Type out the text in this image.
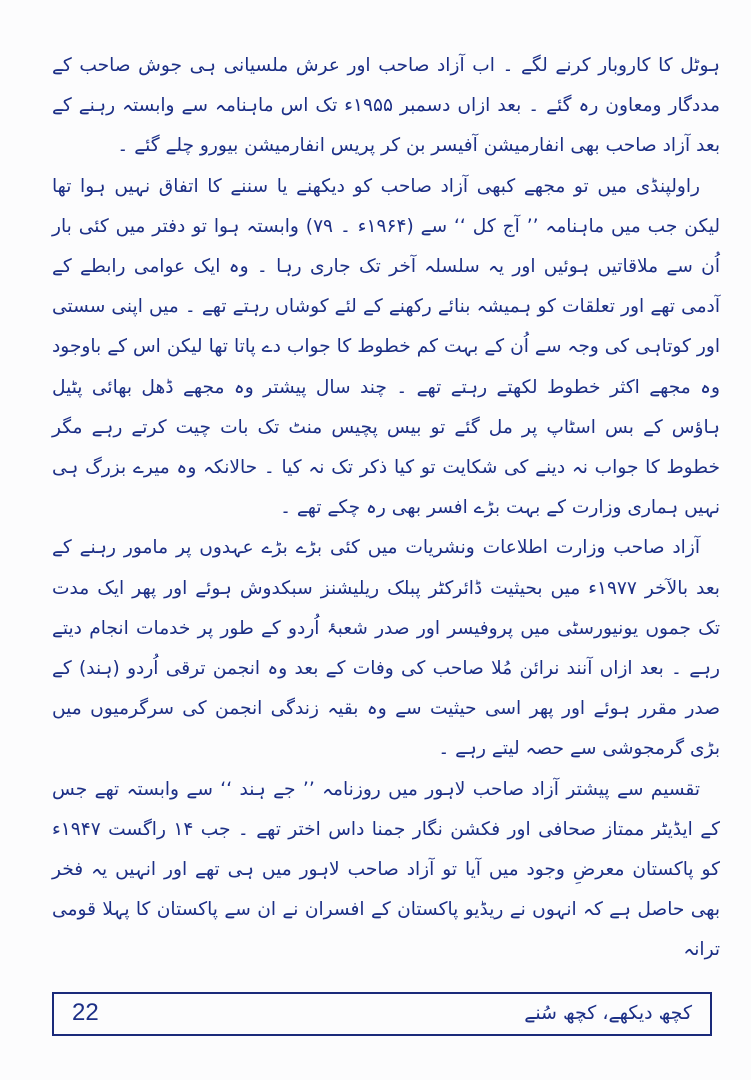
ہوٹل کا کاروبار کرنے لگے ۔ اب آزاد صاحب اور عرش ملسیانی ہی جوش صاحب کے مددگار ومعاون رہ گئے ۔ بعد ازاں دسمبر ۱۹۵۵ء تک اس ماہنامہ سے وابستہ رہنے کے بعد آزاد صاحب بھی انفارمیشن آفیسر بن کر پریس انفارمیشن بیورو چلے گئے ۔

راولپنڈی میں تو مجھے کبھی آزاد صاحب کو دیکھنے یا سننے کا اتفاق نہیں ہوا تھا لیکن جب میں ماہنامہ ’’ آج کل ‘‘ سے (۱۹۶۴ء ۔ ۷۹) وابستہ ہوا تو دفتر میں کئی بار اُن سے ملاقاتیں ہوئیں اور یہ سلسلہ آخر تک جاری رہا ۔ وہ ایک عوامی رابطے کے آدمی تھے اور تعلقات کو ہمیشہ بنائے رکھنے کے لئے کوشاں رہتے تھے ۔ میں اپنی سستی اور کوتاہی کی وجہ سے اُن کے بہت کم خطوط کا جواب دے پاتا تھا لیکن اس کے باوجود وہ مجھے اکثر خطوط لکھتے رہتے تھے ۔ چند سال پیشتر وہ مجھے ڈھل بھائی پٹیل ہاؤس کے بس اسٹاپ پر مل گئے تو بیس پچیس منٹ تک بات چیت کرتے رہے مگر خطوط کا جواب نہ دینے کی شکایت تو کیا ذکر تک نہ کیا ۔ حالانکہ وہ میرے بزرگ ہی نہیں ہماری وزارت کے بہت بڑے افسر بھی رہ چکے تھے ۔

آزاد صاحب وزارت اطلاعات ونشریات میں کئی بڑے بڑے عہدوں پر مامور رہنے کے بعد بالآخر ۱۹۷۷ء میں بحیثیت ڈائرکٹر پبلک ریلیشنز سبکدوش ہوئے اور پھر ایک مدت تک جموں یونیورسٹی میں پروفیسر اور صدر شعبۂ اُردو کے طور پر خدمات انجام دیتے رہے ۔ بعد ازاں آنند نرائن مُلا صاحب کی وفات کے بعد وہ انجمن ترقی اُردو (ہند) کے صدر مقرر ہوئے اور پھر اسی حیثیت سے وہ بقیہ زندگی انجمن کی سرگرمیوں میں بڑی گرمجوشی سے حصہ لیتے رہے ۔

تقسیم سے پیشتر آزاد صاحب لاہور میں روزنامہ ’’ جے ہند ‘‘ سے وابستہ تھے جس کے ایڈیٹر ممتاز صحافی اور فکشن نگار جمنا داس اختر تھے ۔ جب ۱۴ راگست ۱۹۴۷ء کو پاکستان معرضِ وجود میں آیا تو آزاد صاحب لاہور میں ہی تھے اور انہیں یہ فخر بھی حاصل ہے کہ انہوں نے ریڈیو پاکستان کے افسران نے ان سے پاکستان کا پہلا قومی ترانہ

22	کچھ دیکھے، کچھ سُنے
